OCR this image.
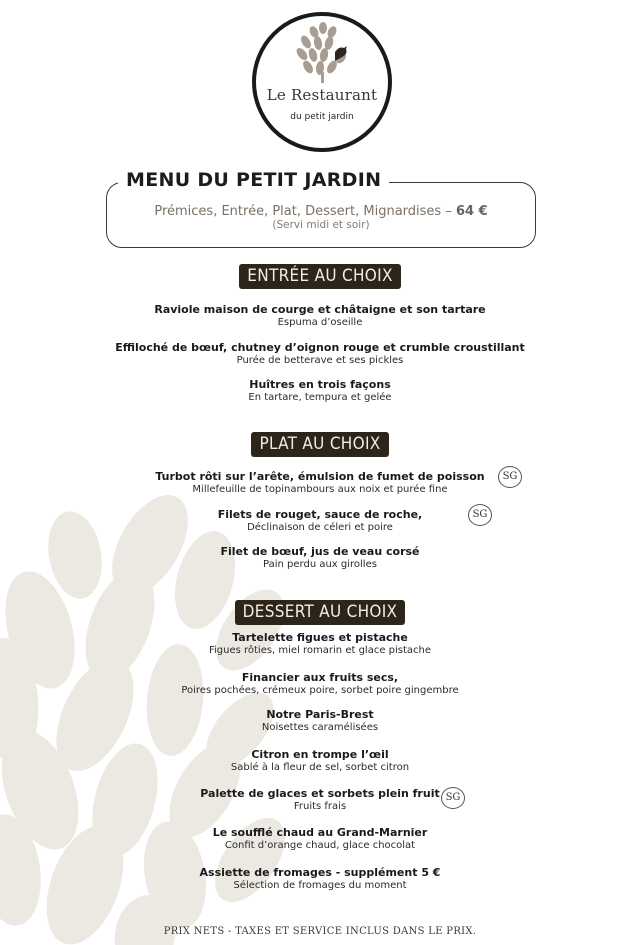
Le Restaurant
du petit jardin
MENU DU PETIT JARDIN
Prémices, Entrée, Plat, Dessert, Mignardises – 64 €
(Servi midi et soir)
ENTRÉE AU CHOIX
Raviole maison de courge et châtaigne et son tartare
Espuma d’oseille
Effiloché de bœuf, chutney d’oignon rouge et crumble croustillant
Purée de betterave et ses pickles
Huîtres en trois façons
En tartare, tempura et gelée
PLAT AU CHOIX
Turbot rôti sur l’arête, émulsion de fumet de poisson
Millefeuille de topinambours aux noix et purée fine
SG
Filets de rouget, sauce de roche,
Déclinaison de céleri et poire
SG
Filet de bœuf, jus de veau corsé
Pain perdu aux girolles
DESSERT AU CHOIX
Tartelette figues et pistache
Figues rôties, miel romarin et glace pistache
Financier aux fruits secs,
Poires pochées, crémeux poire, sorbet poire gingembre
Notre Paris-Brest
Noisettes caramélisées
Citron en trompe l’œil
Sablé à la fleur de sel, sorbet citron
Palette de glaces et sorbets plein fruit
Fruits frais
SG
Le soufflé chaud au Grand-Marnier
Confit d’orange chaud, glace chocolat
Assiette de fromages - supplément 5 €
Sélection de fromages du moment
PRIX NETS - TAXES ET SERVICE INCLUS DANS LE PRIX.
